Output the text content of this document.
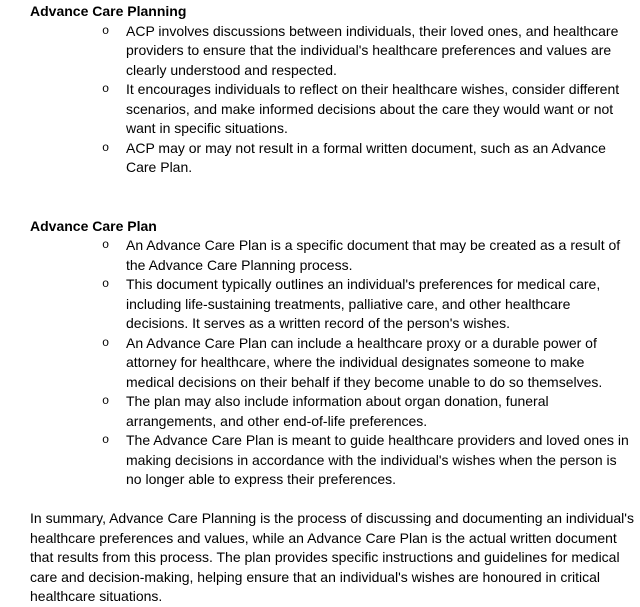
Advance Care Planning

o ACP involves discussions between individuals, their loved ones, and healthcare providers to ensure that the individual's healthcare preferences and values are clearly understood and respected.
o It encourages individuals to reflect on their healthcare wishes, consider different scenarios, and make informed decisions about the care they would want or not want in specific situations.
o ACP may or may not result in a formal written document, such as an Advance Care Plan.

Advance Care Plan

o An Advance Care Plan is a specific document that may be created as a result of the Advance Care Planning process.
o This document typically outlines an individual's preferences for medical care, including life-sustaining treatments, palliative care, and other healthcare decisions. It serves as a written record of the person's wishes.
o An Advance Care Plan can include a healthcare proxy or a durable power of attorney for healthcare, where the individual designates someone to make medical decisions on their behalf if they become unable to do so themselves.
o The plan may also include information about organ donation, funeral arrangements, and other end-of-life preferences.
o The Advance Care Plan is meant to guide healthcare providers and loved ones in making decisions in accordance with the individual's wishes when the person is no longer able to express their preferences.

In summary, Advance Care Planning is the process of discussing and documenting an individual's healthcare preferences and values, while an Advance Care Plan is the actual written document that results from this process. The plan provides specific instructions and guidelines for medical care and decision-making, helping ensure that an individual's wishes are honoured in critical healthcare situations.
